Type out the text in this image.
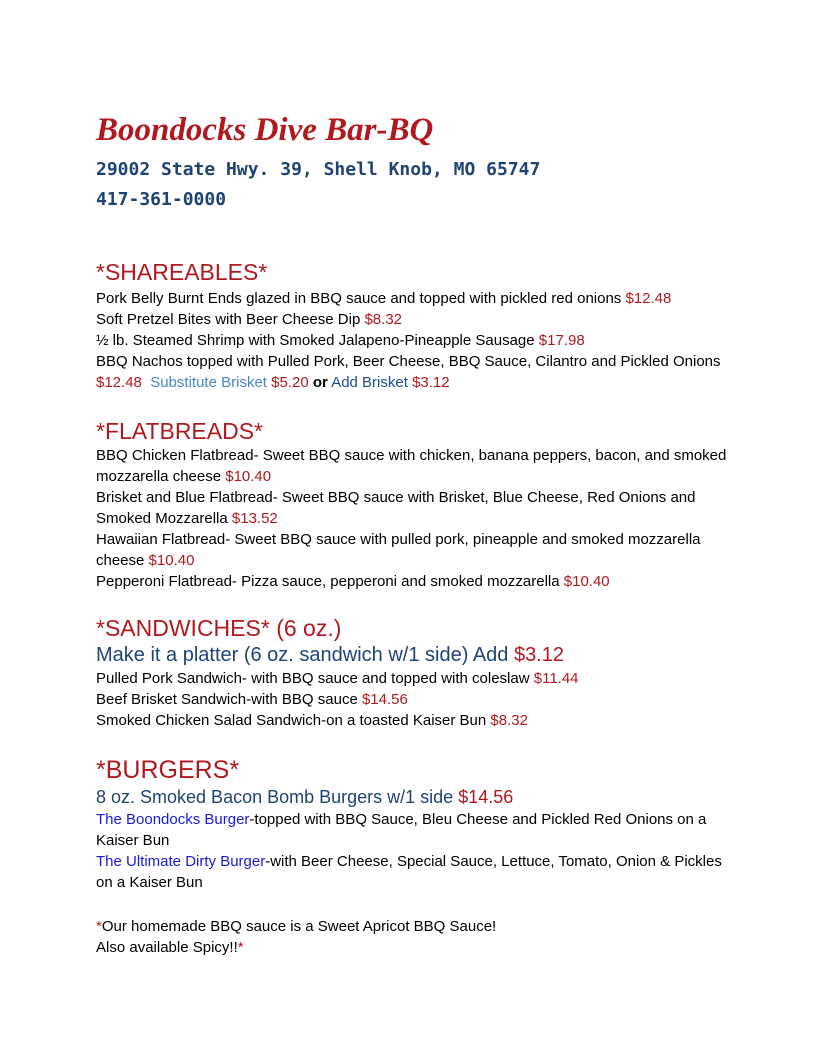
Boondocks Dive Bar-BQ

29002 State Hwy. 39, Shell Knob, MO 65747

417-361-0000

*SHAREABLES*

Pork Belly Burnt Ends glazed in BBQ sauce and topped with pickled red onions $12.48

Soft Pretzel Bites with Beer Cheese Dip $8.32

½ lb. Steamed Shrimp with Smoked Jalapeno-Pineapple Sausage $17.98

BBQ Nachos topped with Pulled Pork, Beer Cheese, BBQ Sauce, Cilantro and Pickled Onions $12.48 Substitute Brisket $5.20 or Add Brisket $3.12

*FLATBREADS*

BBQ Chicken Flatbread- Sweet BBQ sauce with chicken, banana peppers, bacon, and smoked mozzarella cheese $10.40

Brisket and Blue Flatbread- Sweet BBQ sauce with Brisket, Blue Cheese, Red Onions and Smoked Mozzarella $13.52

Hawaiian Flatbread- Sweet BBQ sauce with pulled pork, pineapple and smoked mozzarella cheese $10.40

Pepperoni Flatbread- Pizza sauce, pepperoni and smoked mozzarella $10.40

*SANDWICHES* (6 oz.)

Make it a platter (6 oz. sandwich w/1 side) Add $3.12

Pulled Pork Sandwich- with BBQ sauce and topped with coleslaw $11.44

Beef Brisket Sandwich-with BBQ sauce $14.56

Smoked Chicken Salad Sandwich-on a toasted Kaiser Bun $8.32

*BURGERS*

8 oz. Smoked Bacon Bomb Burgers w/1 side $14.56

The Boondocks Burger-topped with BBQ Sauce, Bleu Cheese and Pickled Red Onions on a Kaiser Bun

The Ultimate Dirty Burger-with Beer Cheese, Special Sauce, Lettuce, Tomato, Onion & Pickles on a Kaiser Bun

*Our homemade BBQ sauce is a Sweet Apricot BBQ Sauce!

Also available Spicy!!*
